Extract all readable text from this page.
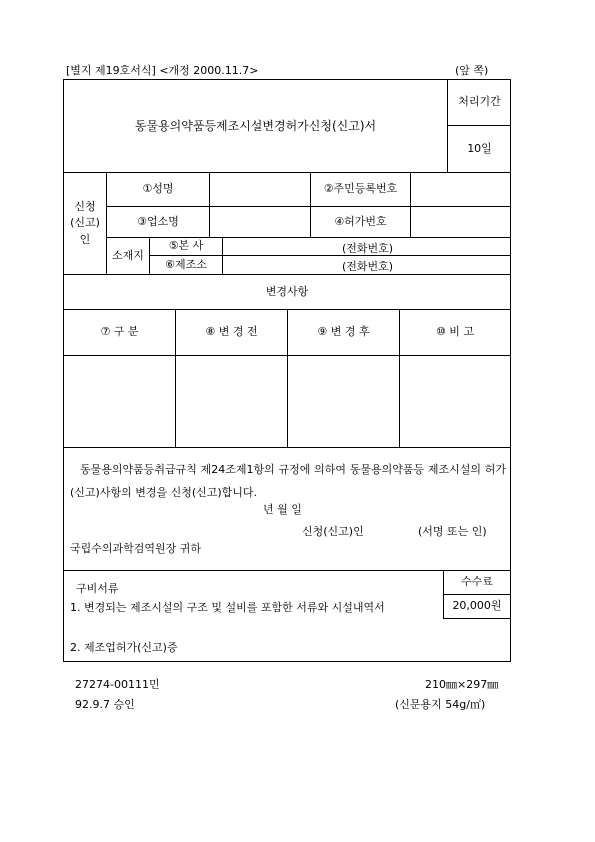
[별지 제19호서식] <개정 2000.11.7>	(앞 쪽)
동물용의약품등제조시설변경허가신청(신고)서
처리기간
10일
신청
(신고)
인
①성명	②주민등록번호
③업소명	④허가번호
소재지
⑤본 사	(전화번호)
⑥제조소	(전화번호)
변경사항
⑦ 구 분	⑧ 변 경 전	⑨ 변 경 후	⑩ 비 고
동물용의약품등취급규칙 제24조제1항의 규정에 의하여 동물용의약품등 제조시설의 허가(신고)사항의 변경을 신청(신고)합니다.
년 월 일
신청(신고)인	(서명 또는 인)
국립수의과학검역원장 귀하
구비서류
1. 변경되는 제조시설의 구조 및 설비를 포함한 서류와 시설내역서
2. 제조업허가(신고)증
수수료
20,000원
27274-00111민
92.9.7 승인
210㎜×297㎜
(신문용지 54g/㎡)
